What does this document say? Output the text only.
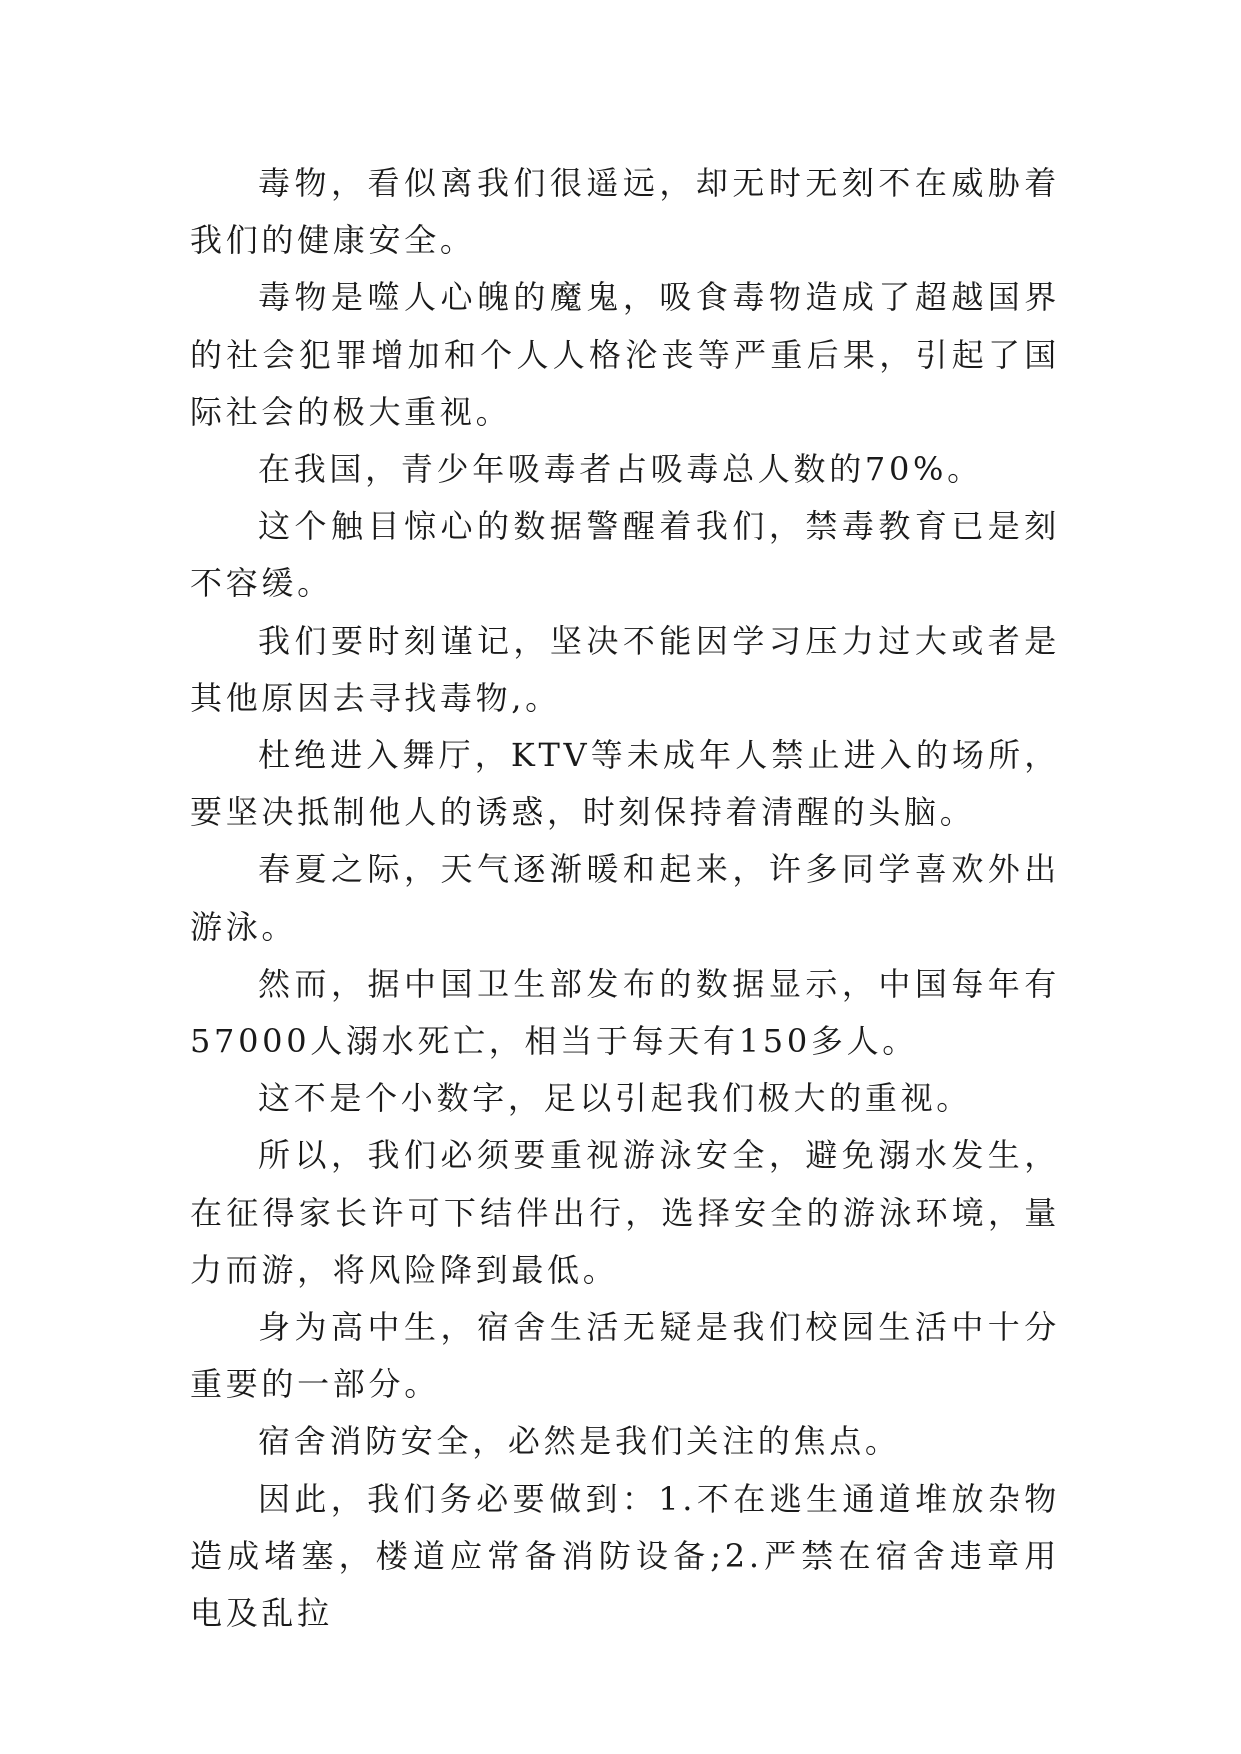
毒物，看似离我们很遥远，却无时无刻不在威胁着我们的健康安全。

毒物是噬人心魄的魔鬼，吸食毒物造成了超越国界的社会犯罪增加和个人人格沦丧等严重后果，引起了国际社会的极大重视。

在我国，青少年吸毒者占吸毒总人数的70%。

这个触目惊心的数据警醒着我们，禁毒教育已是刻不容缓。

我们要时刻谨记，坚决不能因学习压力过大或者是其他原因去寻找毒物,。

杜绝进入舞厅，KTV等未成年人禁止进入的场所，要坚决抵制他人的诱惑，时刻保持着清醒的头脑。

春夏之际，天气逐渐暖和起来，许多同学喜欢外出游泳。

然而，据中国卫生部发布的数据显示，中国每年有57000人溺水死亡，相当于每天有150多人。

这不是个小数字，足以引起我们极大的重视。

所以，我们必须要重视游泳安全，避免溺水发生，在征得家长许可下结伴出行，选择安全的游泳环境，量力而游，将风险降到最低。

身为高中生，宿舍生活无疑是我们校园生活中十分重要的一部分。

宿舍消防安全，必然是我们关注的焦点。

因此，我们务必要做到：1.不在逃生通道堆放杂物造成堵塞，楼道应常备消防设备;2.严禁在宿舍违章用电及乱拉
